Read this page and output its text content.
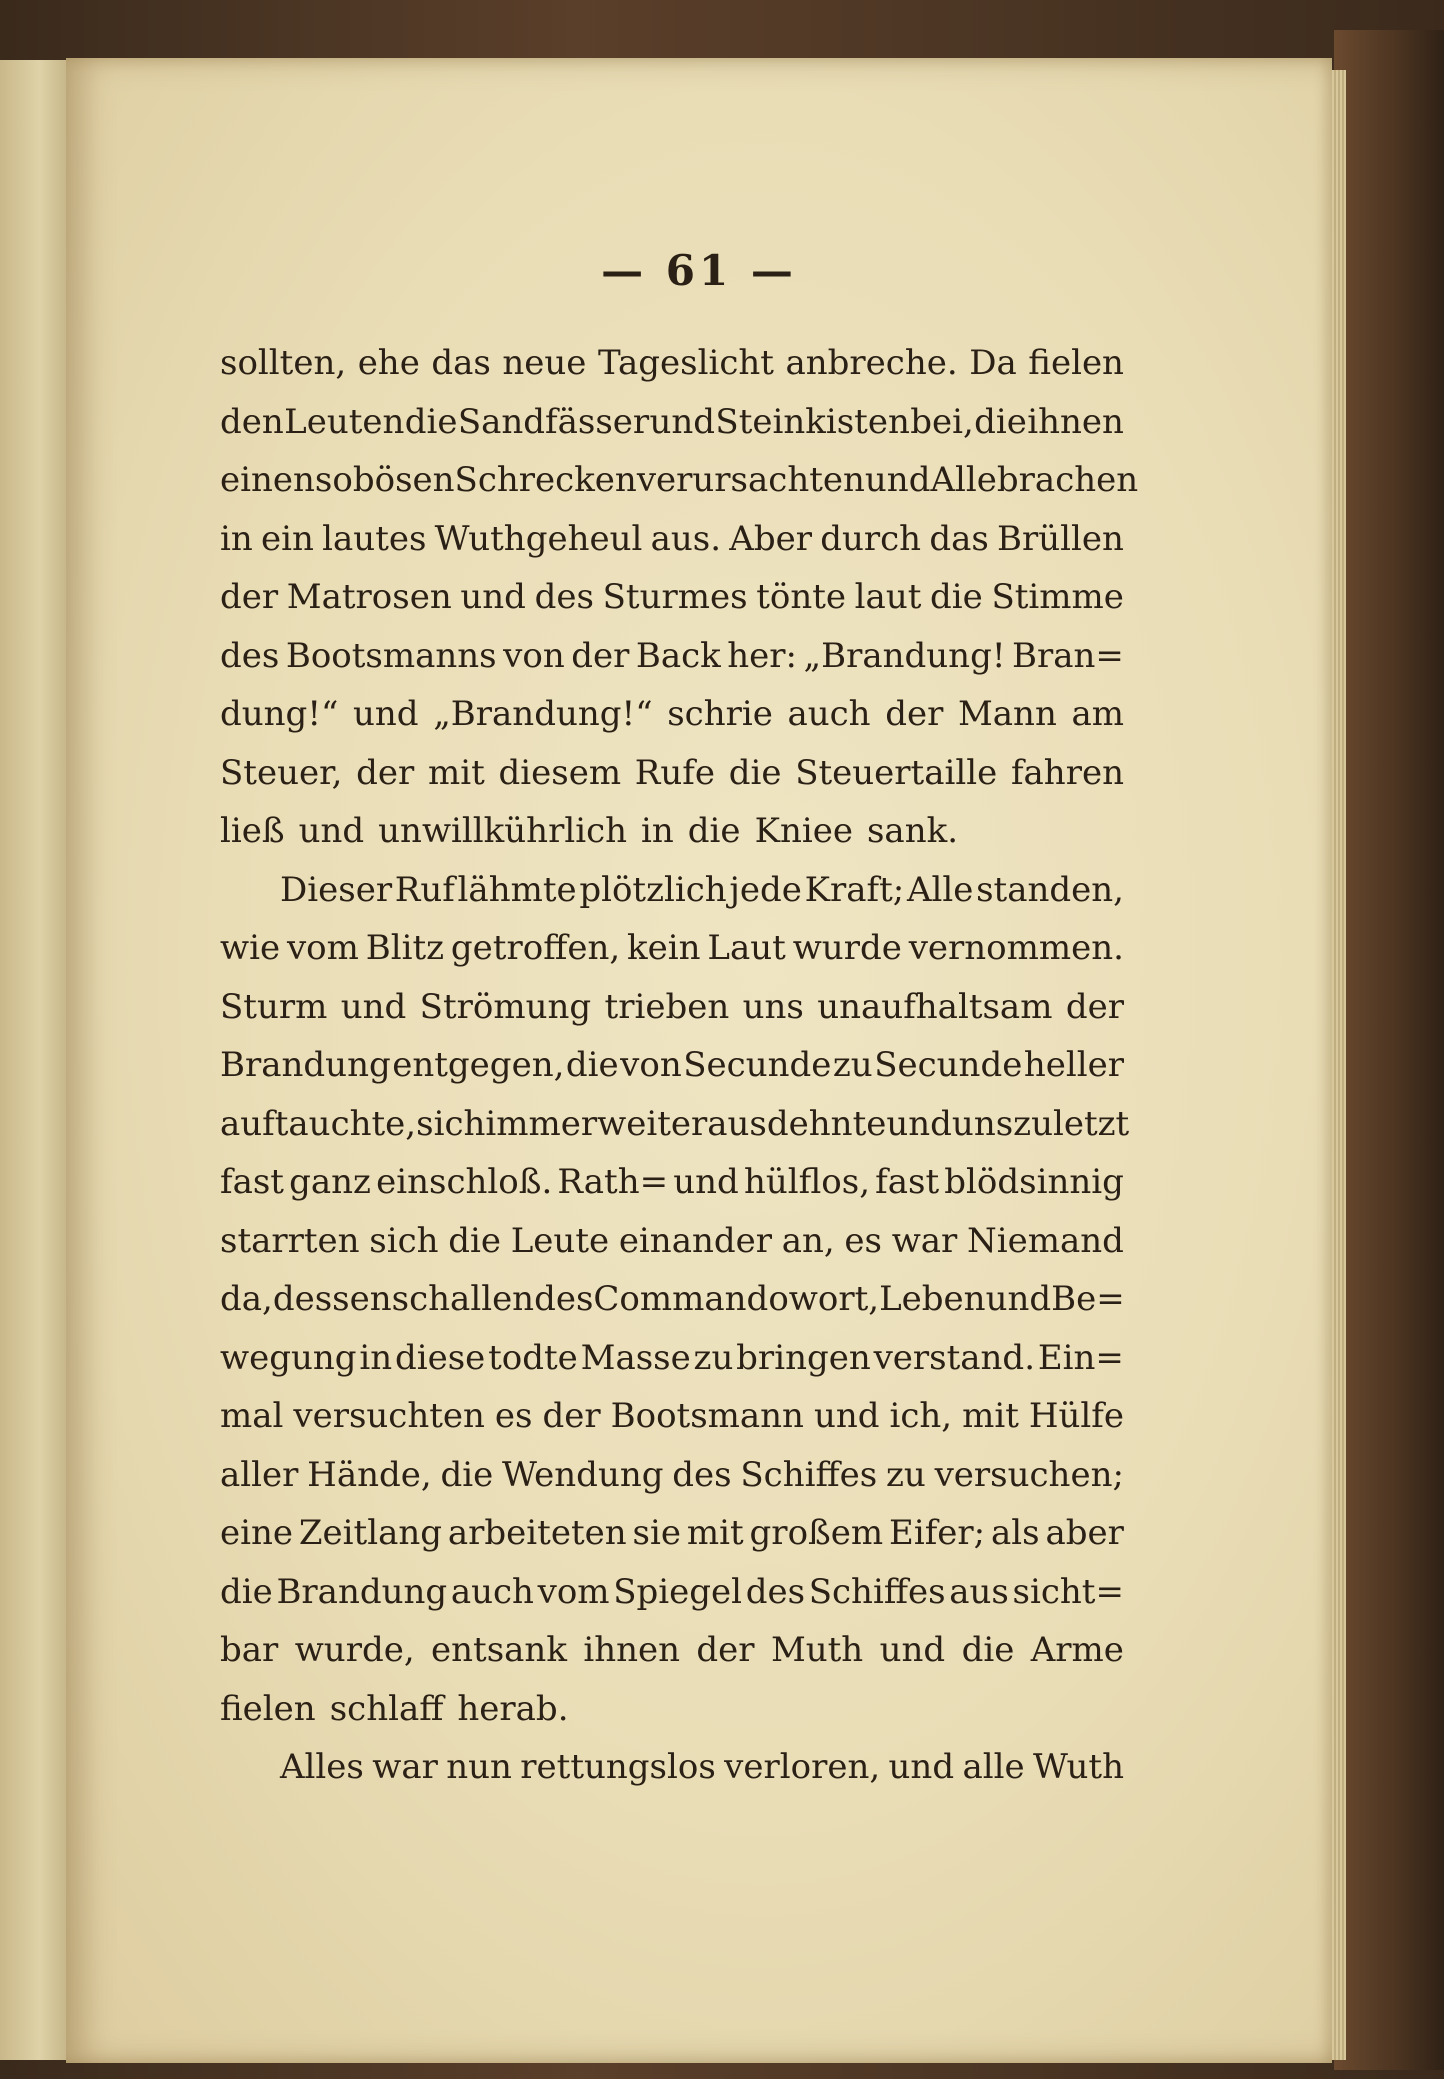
— 61 —
sollten, ehe das neue Tageslicht anbreche. Da fielen
den Leuten die Sandfässer und Steinkisten bei, die ihnen
einen so bösen Schrecken verursachten und Alle brachen
in ein lautes Wuthgeheul aus. Aber durch das Brüllen
der Matrosen und des Sturmes tönte laut die Stimme
des Bootsmanns von der Back her: „Brandung! Bran=
dung!“ und „Brandung!“ schrie auch der Mann am
Steuer, der mit diesem Rufe die Steuertaille fahren
ließ und unwillkührlich in die Kniee sank.
Dieser Ruf lähmte plötzlich jede Kraft; Alle standen,
wie vom Blitz getroffen, kein Laut wurde vernommen.
Sturm und Strömung trieben uns unaufhaltsam der
Brandung entgegen, die von Secunde zu Secunde heller
auftauchte, sich immer weiter ausdehnte und uns zuletzt
fast ganz einschloß. Rath= und hülflos, fast blödsinnig
starrten sich die Leute einander an, es war Niemand
da, dessen schallendes Commandowort, Leben und Be=
wegung in diese todte Masse zu bringen verstand. Ein=
mal versuchten es der Bootsmann und ich, mit Hülfe
aller Hände, die Wendung des Schiffes zu versuchen;
eine Zeitlang arbeiteten sie mit großem Eifer; als aber
die Brandung auch vom Spiegel des Schiffes aus sicht=
bar wurde, entsank ihnen der Muth und die Arme
fielen schlaff herab.
Alles war nun rettungslos verloren, und alle Wuth
